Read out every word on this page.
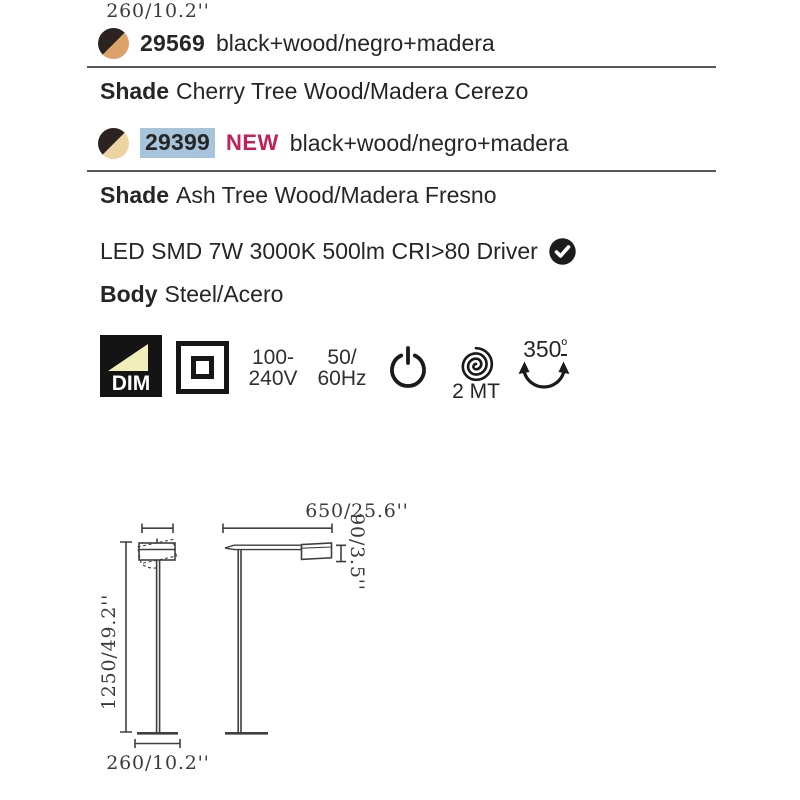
29569 black+wood/negro+madera
Shade Cherry Tree Wood/Madera Cerezo
29399 NEW black+wood/negro+madera
Shade Ash Tree Wood/Madera Fresno
LED SMD 7W 3000K 500lm CRI>80 Driver
Body Steel/Acero
DIM
100-
240V
50/
60Hz
2 MT
$350^º$
260/10.2''
650/25.6''
1250/49.2''
90/3.5''
260/10.2''
